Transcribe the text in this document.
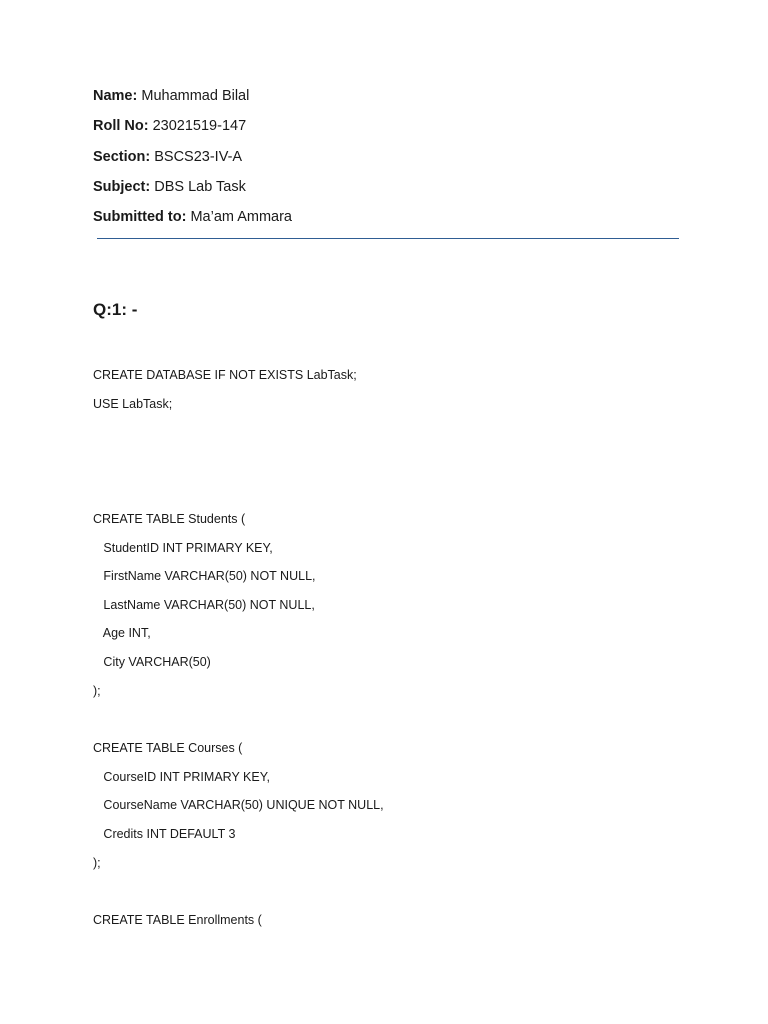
Name: Muhammad Bilal
Roll No: 23021519-147
Section: BSCS23-IV-A
Subject: DBS Lab Task
Submitted to: Ma’am Ammara
Q:1: -
CREATE DATABASE IF NOT EXISTS LabTask;
USE LabTask;
CREATE TABLE Students (
StudentID INT PRIMARY KEY,
FirstName VARCHAR(50) NOT NULL,
LastName VARCHAR(50) NOT NULL,
Age INT,
City VARCHAR(50)
);
CREATE TABLE Courses (
CourseID INT PRIMARY KEY,
CourseName VARCHAR(50) UNIQUE NOT NULL,
Credits INT DEFAULT 3
);
CREATE TABLE Enrollments (
